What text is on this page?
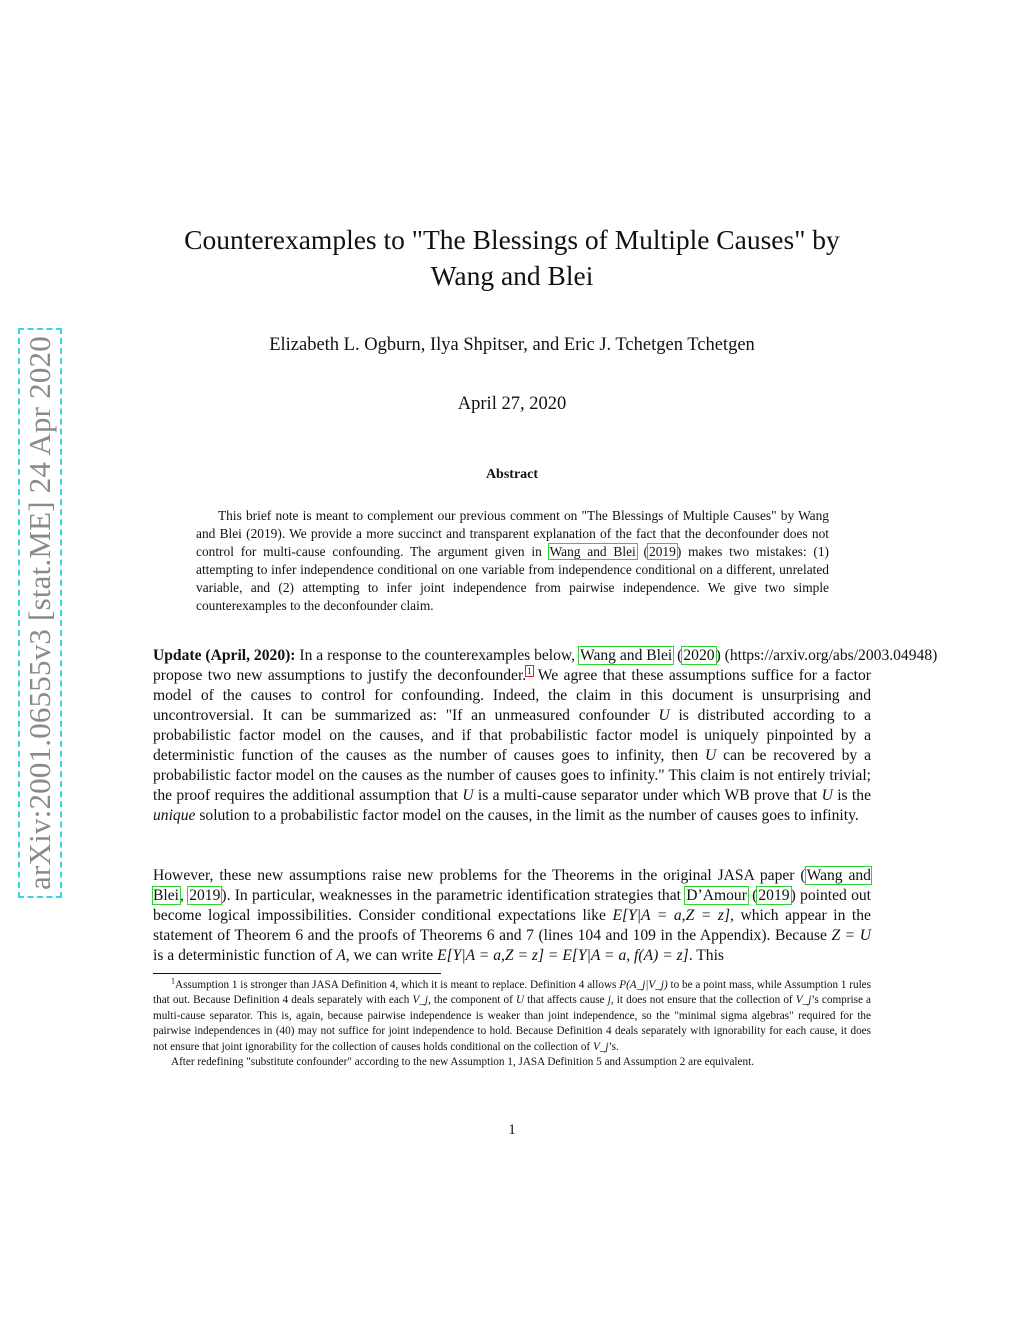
arXiv:2001.06555v3 [stat.ME] 24 Apr 2020
Counterexamples to "The Blessings of Multiple Causes" by
Wang and Blei
Elizabeth L. Ogburn, Ilya Shpitser, and Eric J. Tchetgen Tchetgen
April 27, 2020
Abstract
This brief note is meant to complement our previous comment on "The Blessings of Multiple Causes" by Wang and Blei (2019). We provide a more succinct and transparent explanation of the fact that the deconfounder does not control for multi-cause confounding. The argument given in Wang and Blei (2019) makes two mistakes: (1) attempting to infer independence conditional on one variable from independence conditional on a different, unrelated variable, and (2) attempting to infer joint independence from pairwise independence. We give two simple counterexamples to the deconfounder claim.
Update (April, 2020): In a response to the counterexamples below, Wang and Blei (2020) (https://arxiv.org/abs/2003.04948)
propose two new assumptions to justify the deconfounder.$^1$ We agree that these assumptions suffice for a factor model of the causes to control for confounding. Indeed, the claim in this document is unsurprising and uncontroversial. It can be summarized as: "If an unmeasured confounder U is distributed according to a probabilistic factor model on the causes, and if that probabilistic factor model is uniquely pinpointed by a deterministic function of the causes as the number of causes goes to infinity, then U can be recovered by a probabilistic factor model on the causes as the number of causes goes to infinity." This claim is not entirely trivial; the proof requires the additional assumption that U is a multi-cause separator under which WB prove that U is the unique solution to a probabilistic factor model on the causes, in the limit as the number of causes goes to infinity.
However, these new assumptions raise new problems for the Theorems in the original JASA paper (Wang and Blei, 2019). In particular, weaknesses in the parametric identification strategies that D’Amour (2019) pointed out become logical impossibilities. Consider conditional expectations like E[Y|A = a,Z = z], which appear in the statement of Theorem 6 and the proofs of Theorems 6 and 7 (lines 104 and 109 in the Appendix). Because Z = U is a deterministic function of A, we can write E[Y|A = a,Z = z] = E[Y|A = a, f(A) = z]. This

$^1$Assumption 1 is stronger than JASA Definition 4, which it is meant to replace. Definition 4 allows P(A_j|V_j) to be a point mass, while Assumption 1 rules that out. Because Definition 4 deals separately with each V_j, the component of U that affects cause j, it does not ensure that the collection of V_j’s comprise a multi-cause separator. This is, again, because pairwise independence is weaker than joint independence, so the "minimal sigma algebras" required for the pairwise independences in (40) may not suffice for joint independence to hold. Because Definition 4 deals separately with ignorability for each cause, it does not ensure that joint ignorability for the collection of causes holds conditional on the collection of V_j’s.

After redefining "substitute confounder" according to the new Assumption 1, JASA Definition 5 and Assumption 2 are equivalent.

1
